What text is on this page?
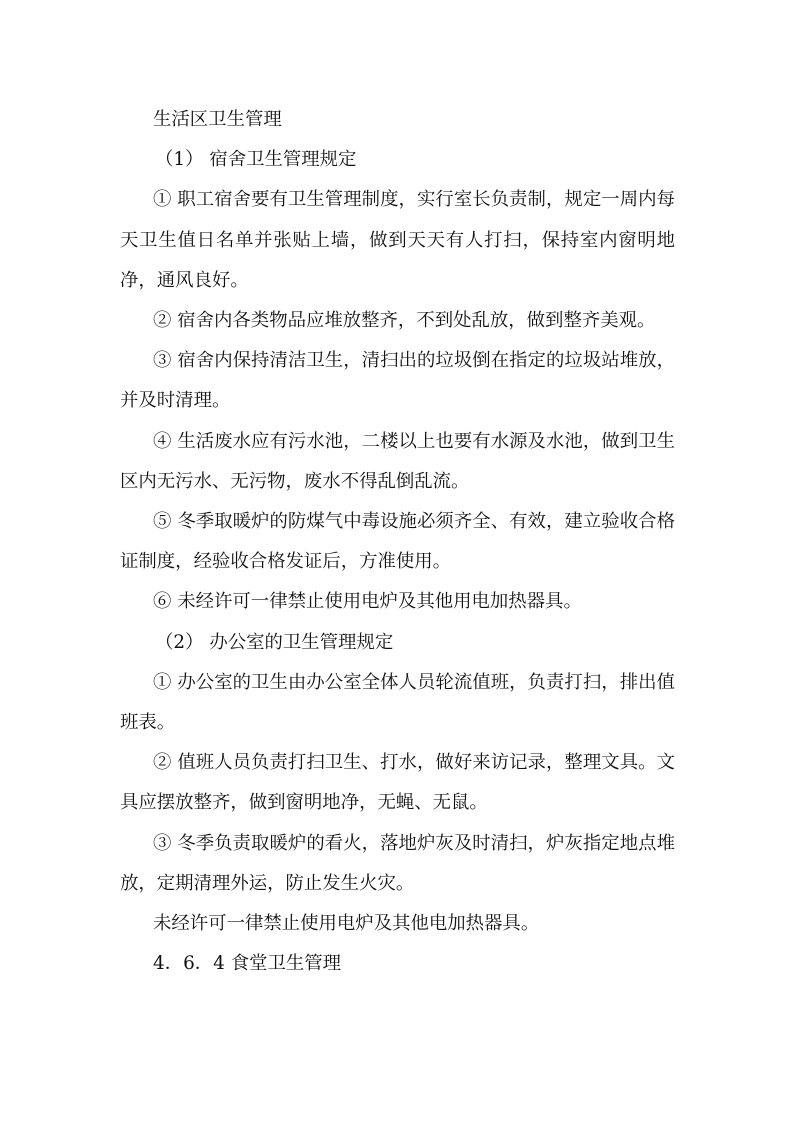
生活区卫生管理

（1） 宿舍卫生管理规定

① 职工宿舍要有卫生管理制度，实行室长负责制，规定一周内每天卫生值日名单并张贴上墙，做到天天有人打扫，保持室内窗明地净，通风良好。

② 宿舍内各类物品应堆放整齐，不到处乱放，做到整齐美观。

③ 宿舍内保持清洁卫生，清扫出的垃圾倒在指定的垃圾站堆放，并及时清理。

④ 生活废水应有污水池，二楼以上也要有水源及水池，做到卫生区内无污水、无污物，废水不得乱倒乱流。

⑤ 冬季取暖炉的防煤气中毒设施必须齐全、有效，建立验收合格证制度，经验收合格发证后，方准使用。

⑥ 未经许可一律禁止使用电炉及其他用电加热器具。

（2） 办公室的卫生管理规定

① 办公室的卫生由办公室全体人员轮流值班，负责打扫，排出值班表。

② 值班人员负责打扫卫生、打水，做好来访记录，整理文具。文具应摆放整齐，做到窗明地净，无蝇、无鼠。

③ 冬季负责取暖炉的看火，落地炉灰及时清扫，炉灰指定地点堆放，定期清理外运，防止发生火灾。

未经许可一律禁止使用电炉及其他电加热器具。

4．6．4 食堂卫生管理
